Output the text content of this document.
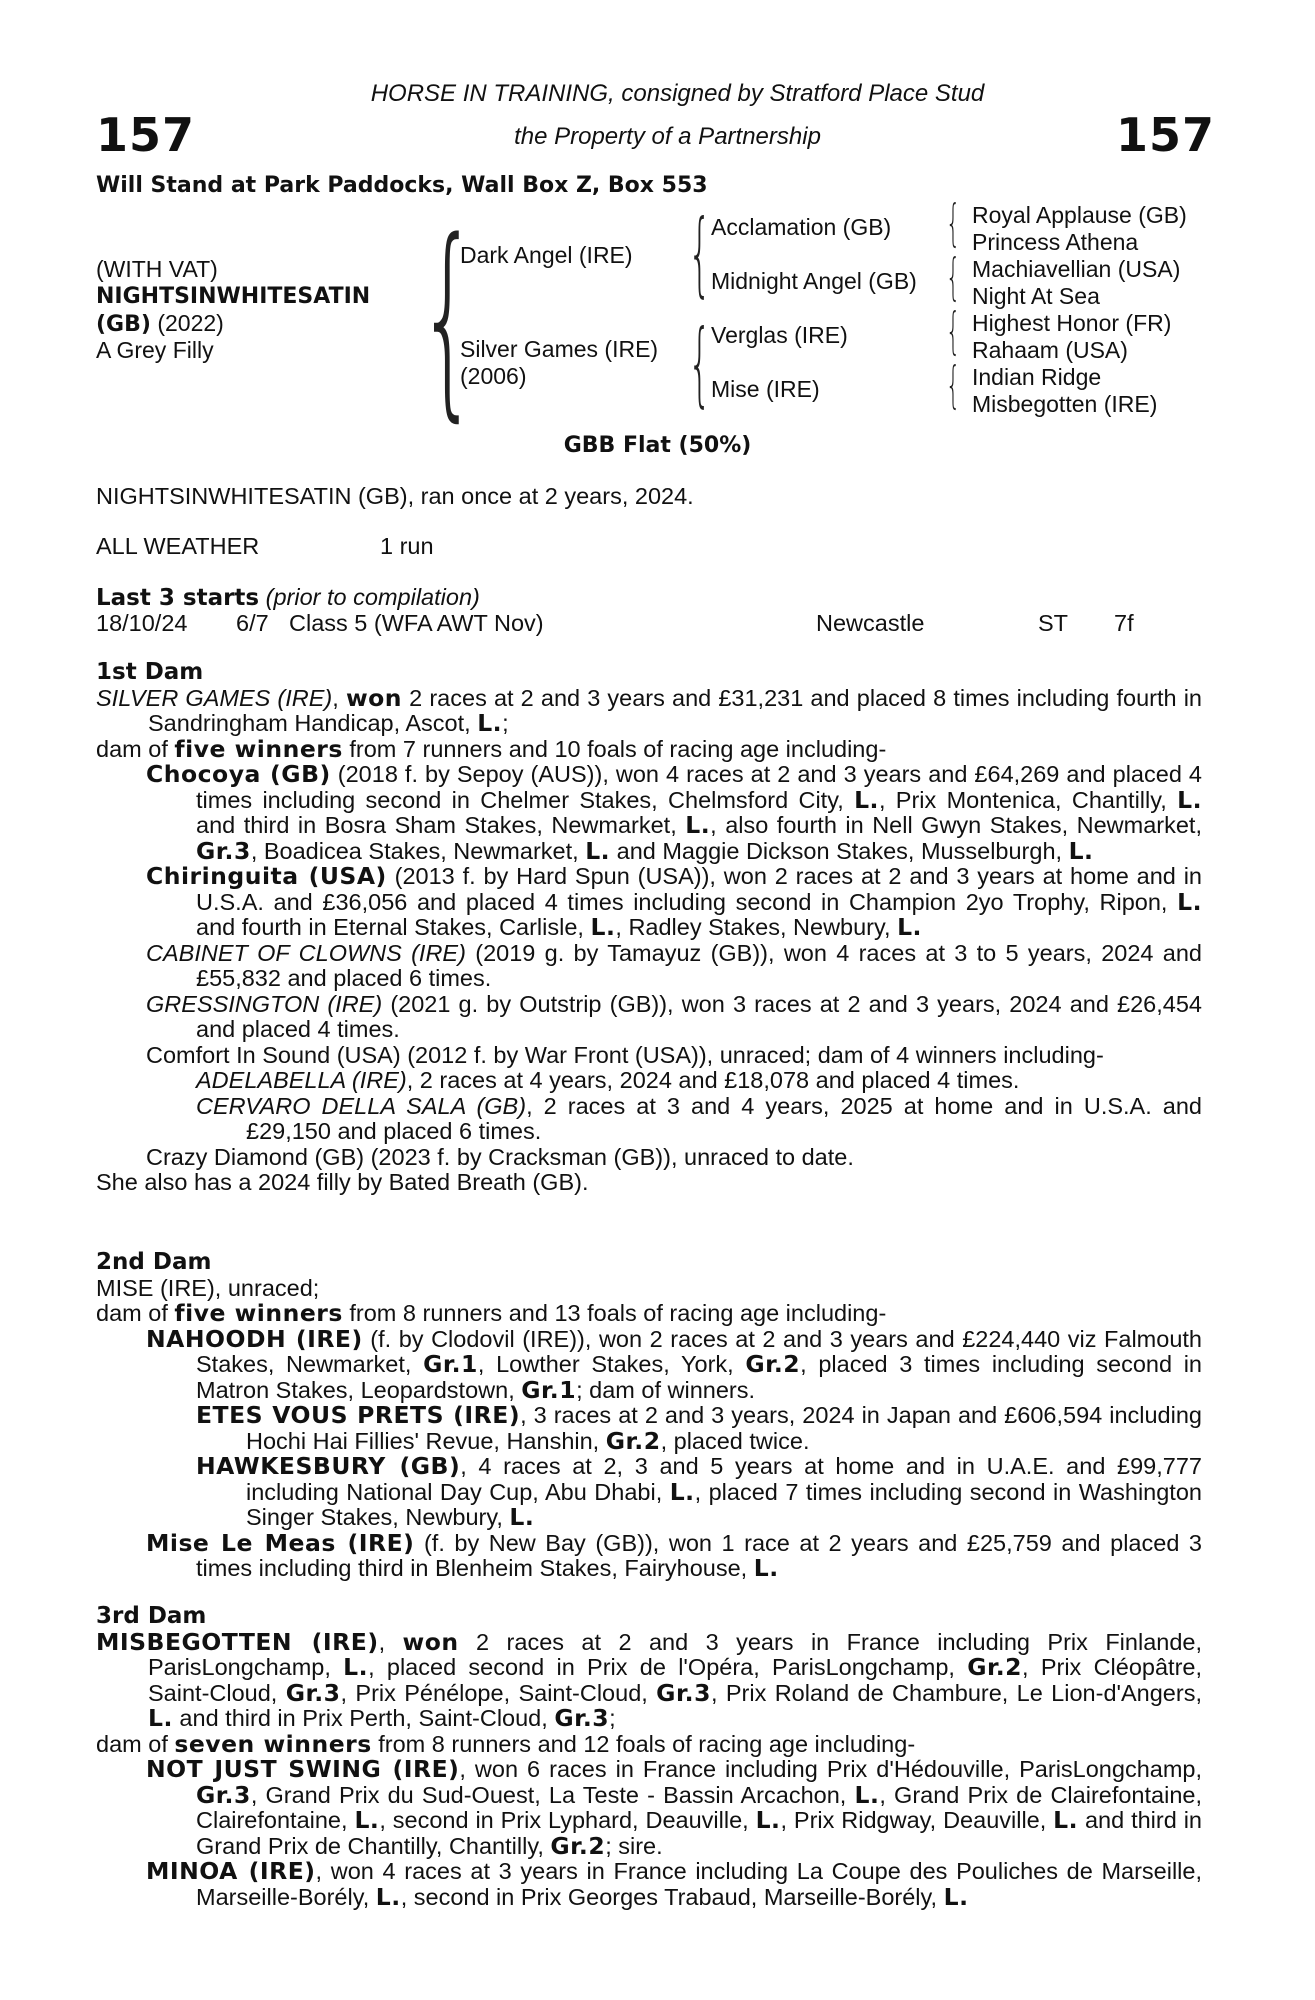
157	157
HORSE IN TRAINING, consigned by Stratford Place Stud
the Property of a Partnership
Will Stand at Park Paddocks, Wall Box Z, Box 553
(WITH VAT)
NIGHTSINWHITESATIN
(GB) (2022)
A Grey Filly {
Dark Angel (IRE)
Silver Games (IRE)
(2006)
{
{
Acclamation (GB)
Midnight Angel (GB)
Verglas (IRE)
Mise (IRE)
{
{
{
{
Royal Applause (GB)
Princess Athena
Machiavellian (USA)
Night At Sea
Highest Honor (FR)
Rahaam (USA)
Indian Ridge
Misbegotten (IRE)
GBB Flat (50%)
NIGHTSINWHITESATIN (GB), ran once at 2 years, 2024.
ALL WEATHER	1 run
Last 3 starts (prior to compilation)
18/10/24 6/7 Class 5 (WFA AWT Nov)	Newcastle	ST 7f

1st Dam

SILVER GAMES (IRE), won 2 races at 2 and 3 years and £31,231 and placed 8 times including fourth in Sandringham Handicap, Ascot, L.;

dam of five winners from 7 runners and 10 foals of racing age including-

Chocoya (GB) (2018 f. by Sepoy (AUS)), won 4 races at 2 and 3 years and £64,269 and placed 4 times including second in Chelmer Stakes, Chelmsford City, L., Prix Montenica, Chantilly, L. and third in Bosra Sham Stakes, Newmarket, L., also fourth in Nell Gwyn Stakes, Newmarket, Gr.3, Boadicea Stakes, Newmarket, L. and Maggie Dickson Stakes, Musselburgh, L.

Chiringuita (USA) (2013 f. by Hard Spun (USA)), won 2 races at 2 and 3 years at home and in U.S.A. and £36,056 and placed 4 times including second in Champion 2yo Trophy, Ripon, L. and fourth in Eternal Stakes, Carlisle, L., Radley Stakes, Newbury, L.

CABINET OF CLOWNS (IRE) (2019 g. by Tamayuz (GB)), won 4 races at 3 to 5 years, 2024 and £55,832 and placed 6 times.

GRESSINGTON (IRE) (2021 g. by Outstrip (GB)), won 3 races at 2 and 3 years, 2024 and £26,454 and placed 4 times.

Comfort In Sound (USA) (2012 f. by War Front (USA)), unraced; dam of 4 winners including-

ADELABELLA (IRE), 2 races at 4 years, 2024 and £18,078 and placed 4 times.

CERVARO DELLA SALA (GB), 2 races at 3 and 4 years, 2025 at home and in U.S.A. and £29,150 and placed 6 times.

Crazy Diamond (GB) (2023 f. by Cracksman (GB)), unraced to date.

She also has a 2024 filly by Bated Breath (GB).

2nd Dam

MISE (IRE), unraced;

dam of five winners from 8 runners and 13 foals of racing age including-

NAHOODH (IRE) (f. by Clodovil (IRE)), won 2 races at 2 and 3 years and £224,440 viz Falmouth Stakes, Newmarket, Gr.1, Lowther Stakes, York, Gr.2, placed 3 times including second in Matron Stakes, Leopardstown, Gr.1; dam of winners.

ETES VOUS PRETS (IRE), 3 races at 2 and 3 years, 2024 in Japan and £606,594 including Hochi Hai Fillies' Revue, Hanshin, Gr.2, placed twice.

HAWKESBURY (GB), 4 races at 2, 3 and 5 years at home and in U.A.E. and £99,777 including National Day Cup, Abu Dhabi, L., placed 7 times including second in Washington Singer Stakes, Newbury, L.

Mise Le Meas (IRE) (f. by New Bay (GB)), won 1 race at 2 years and £25,759 and placed 3 times including third in Blenheim Stakes, Fairyhouse, L.

3rd Dam

MISBEGOTTEN (IRE), won 2 races at 2 and 3 years in France including Prix Finlande, ParisLongchamp, L., placed second in Prix de l'Opéra, ParisLongchamp, Gr.2, Prix Cléopâtre, Saint-Cloud, Gr.3, Prix Pénélope, Saint-Cloud, Gr.3, Prix Roland de Chambure, Le Lion-d'Angers, L. and third in Prix Perth, Saint-Cloud, Gr.3;

dam of seven winners from 8 runners and 12 foals of racing age including-

NOT JUST SWING (IRE), won 6 races in France including Prix d'Hédouville, ParisLongchamp, Gr.3, Grand Prix du Sud-Ouest, La Teste - Bassin Arcachon, L., Grand Prix de Clairefontaine, Clairefontaine, L., second in Prix Lyphard, Deauville, L., Prix Ridgway, Deauville, L. and third in Grand Prix de Chantilly, Chantilly, Gr.2; sire.

MINOA (IRE), won 4 races at 3 years in France including La Coupe des Pouliches de Marseille, Marseille-Borély, L., second in Prix Georges Trabaud, Marseille-Borély, L.
